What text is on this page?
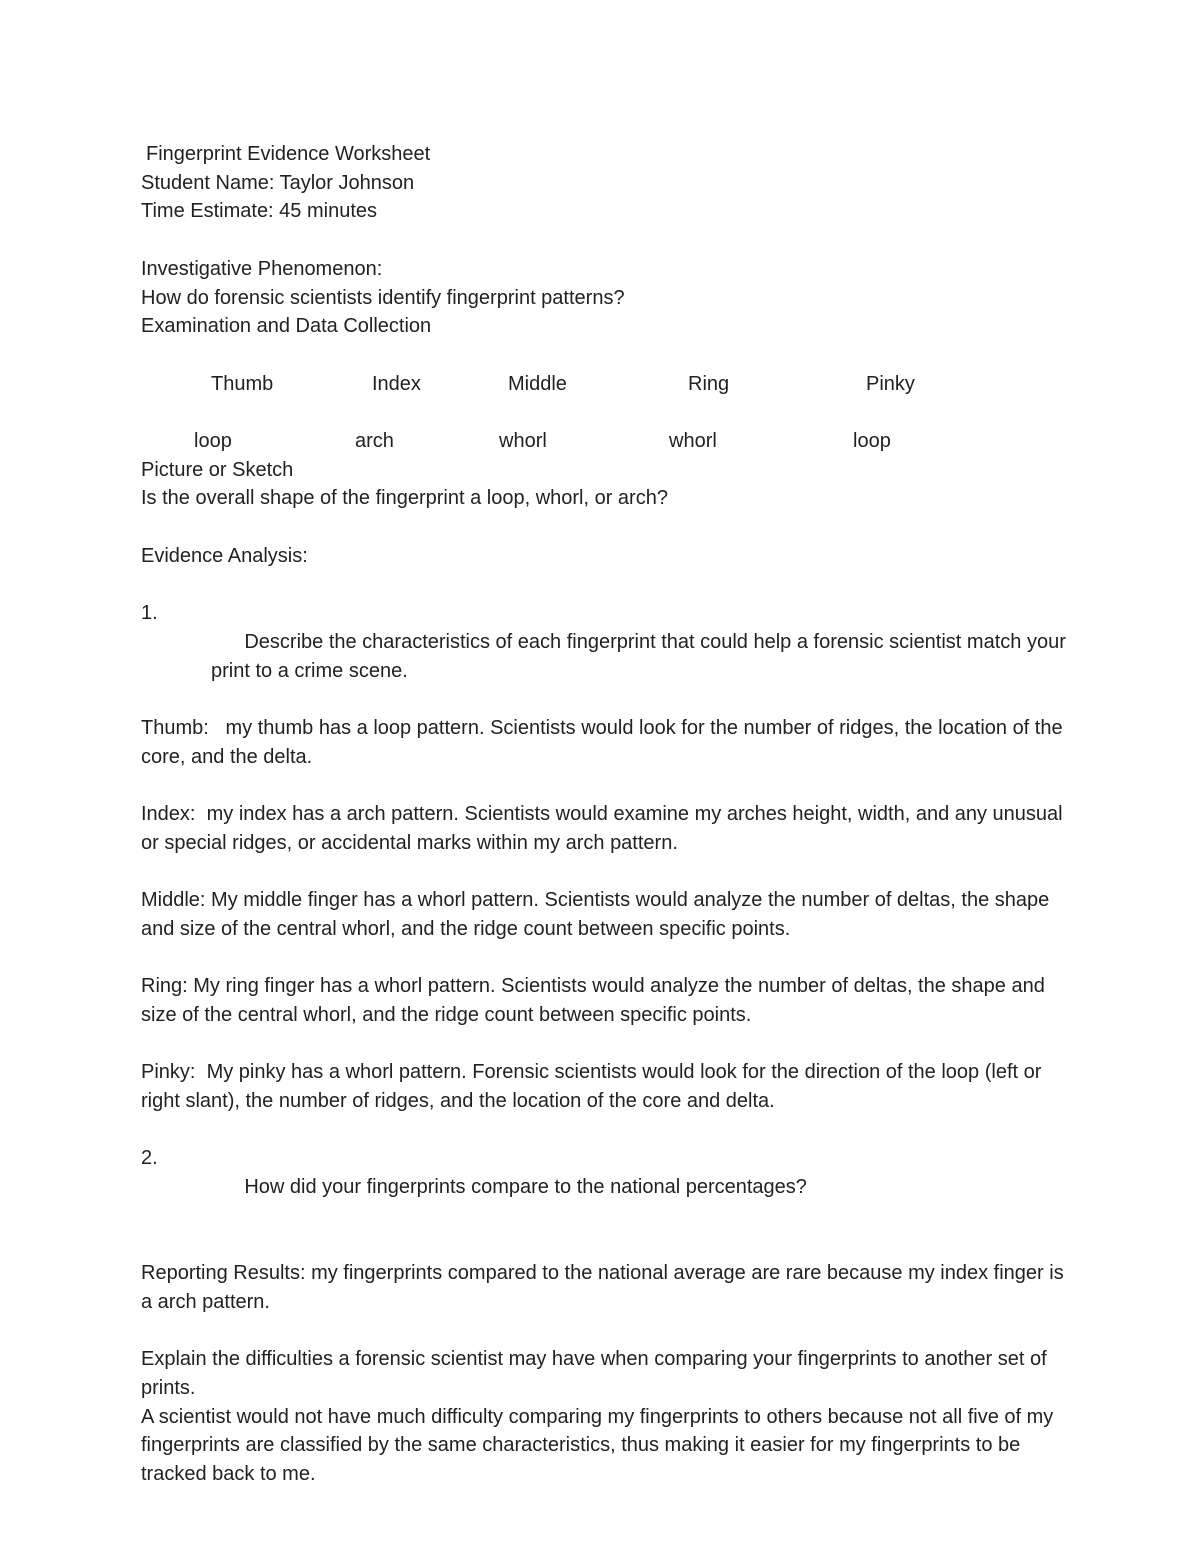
Fingerprint Evidence Worksheet

Student Name: Taylor Johnson

Time Estimate: 45 minutes

Investigative Phenomenon:

How do forensic scientists identify fingerprint patterns?

Examination and Data Collection

Thumb	Index	Middle	Ring	Pinky
loop	arch	whorl	whorl	loop

Picture or Sketch

Is the overall shape of the fingerprint a loop, whorl, or arch?

Evidence Analysis:

1.
Describe the characteristics of each fingerprint that could help a forensic scientist match your print to a crime scene.

Thumb:   my thumb has a loop pattern. Scientists would look for the number of ridges, the location of the core, and the delta.

Index:  my index has a arch pattern. Scientists would examine my arches height, width, and any unusual or special ridges, or accidental marks within my arch pattern.

Middle: My middle finger has a whorl pattern. Scientists would analyze the number of deltas, the shape and size of the central whorl, and the ridge count between specific points.

Ring: My ring finger has a whorl pattern. Scientists would analyze the number of deltas, the shape and size of the central whorl, and the ridge count between specific points.

Pinky:  My pinky has a whorl pattern. Forensic scientists would look for the direction of the loop (left or right slant), the number of ridges, and the location of the core and delta.

2.
How did your fingerprints compare to the national percentages?

Reporting Results: my fingerprints compared to the national average are rare because my index finger is a arch pattern.

Explain the difficulties a forensic scientist may have when comparing your fingerprints to another set of prints.

A scientist would not have much difficulty comparing my fingerprints to others because not all five of my fingerprints are classified by the same characteristics, thus making it easier for my fingerprints to be tracked back to me.
